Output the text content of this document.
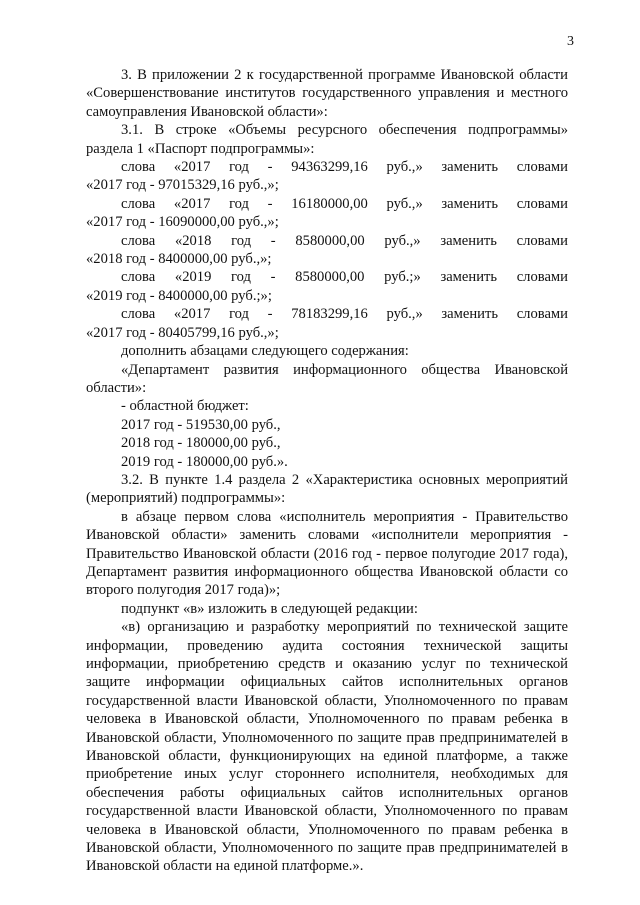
3

3. В приложении 2 к государственной программе Ивановской области «Совершенствование институтов государственного управления и местного самоуправления Ивановской области»:

3.1. В строке «Объемы ресурсного обеспечения подпрограммы» раздела 1 «Паспорт подпрограммы»:

слова «2017 год - 94363299,16 руб.,» заменить словами
«2017 год - 97015329,16 руб.,»;
слова «2017 год - 16180000,00 руб.,» заменить словами
«2017 год - 16090000,00 руб.,»;
слова «2018 год - 8580000,00 руб.,» заменить словами
«2018 год - 8400000,00 руб.,»;
слова «2019 год - 8580000,00 руб.;» заменить словами
«2019 год - 8400000,00 руб.;»;
слова «2017 год - 78183299,16 руб.,» заменить словами
«2017 год - 80405799,16 руб.,»;

дополнить абзацами следующего содержания:

«Департамент развития информационного общества Ивановской области»:

- областной бюджет:

2017 год - 519530,00 руб.,

2018 год - 180000,00 руб.,

2019 год - 180000,00 руб.».

3.2. В пункте 1.4 раздела 2 «Характеристика основных мероприятий (мероприятий) подпрограммы»:

в абзаце первом слова «исполнитель мероприятия - Правительство Ивановской области» заменить словами «исполнители мероприятия - Правительство Ивановской области (2016 год - первое полугодие 2017 года), Департамент развития информационного общества Ивановской области со второго полугодия 2017 года)»;

подпункт «в» изложить в следующей редакции:

«в) организацию и разработку мероприятий по технической защите информации, проведению аудита состояния технической защиты информации, приобретению средств и оказанию услуг по технической защите информации официальных сайтов исполнительных органов государственной власти Ивановской области, Уполномоченного по правам человека в Ивановской области, Уполномоченного по правам ребенка в Ивановской области, Уполномоченного по защите прав предпринимателей в Ивановской области, функционирующих на единой платформе, а также приобретение иных услуг стороннего исполнителя, необходимых для обеспечения работы официальных сайтов исполнительных органов государственной власти Ивановской области, Уполномоченного по правам человека в Ивановской области, Уполномоченного по правам ребенка в Ивановской области, Уполномоченного по защите прав предпринимателей в Ивановской области на единой платформе.».
